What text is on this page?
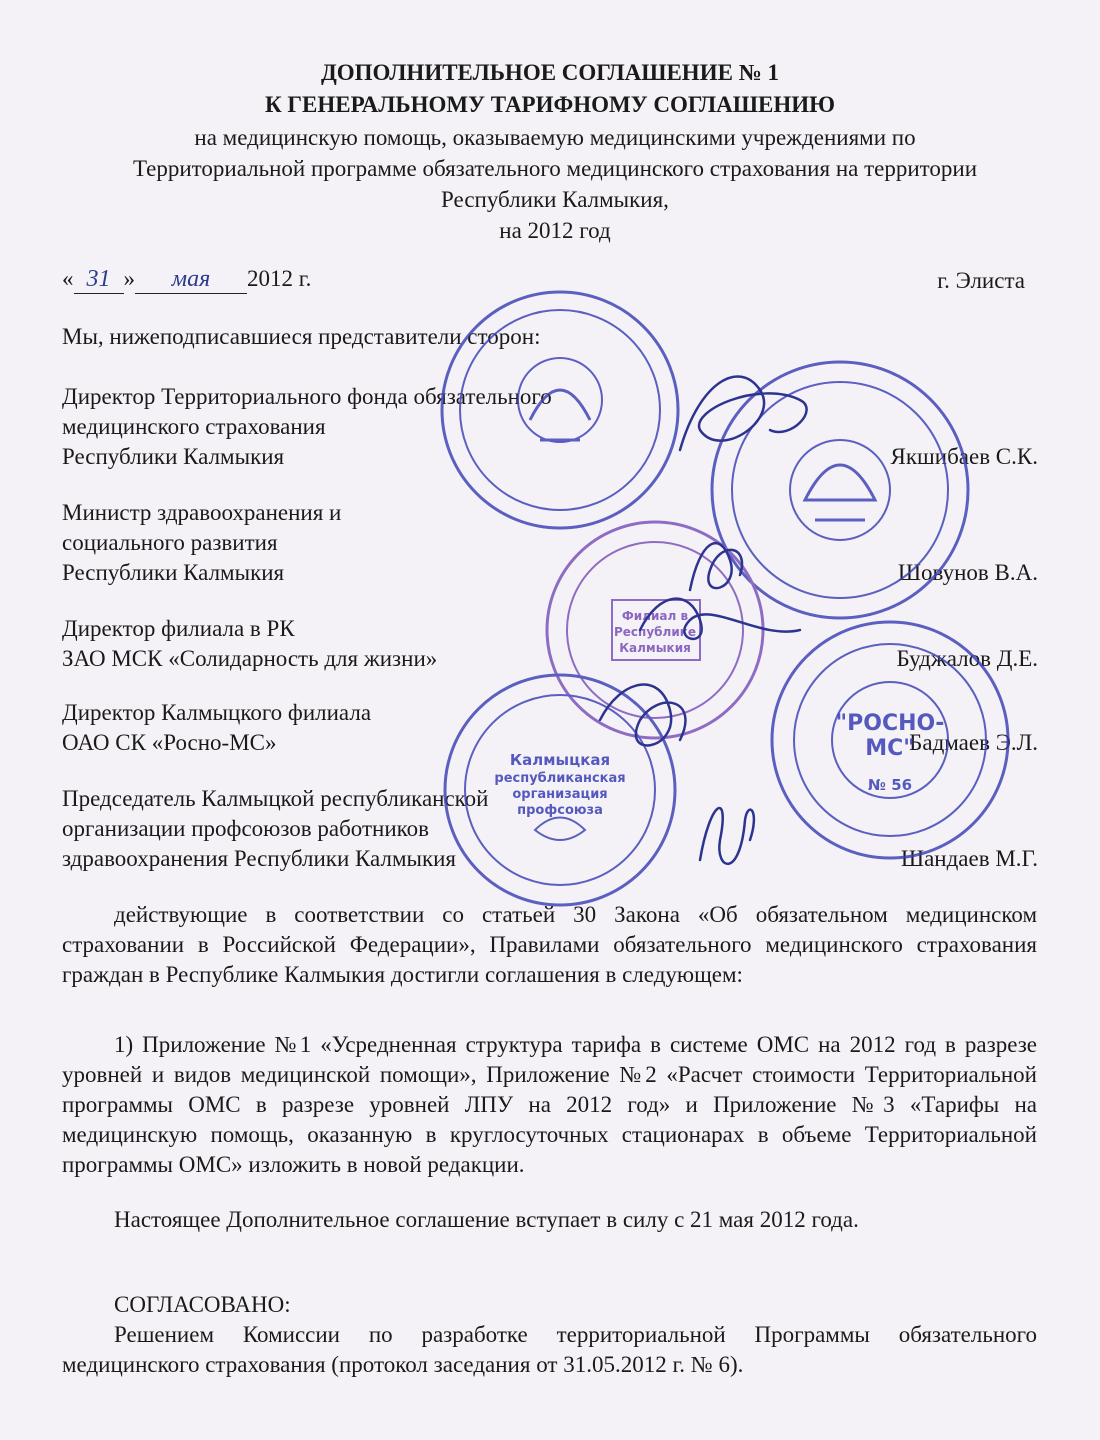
ДОПОЛНИТЕЛЬНОЕ СОГЛАШЕНИЕ № 1
К ГЕНЕРАЛЬНОМУ ТАРИФНОМУ СОГЛАШЕНИЮ
на медицинскую помощь, оказываемую медицинскими учреждениями по
Территориальной программе обязательного медицинского страхования на территории
Республики Калмыкия,
на 2012 год
« 31 » мая 2012 г.	г. Элиста
Мы, нижеподписавшиеся представители сторон:
Директор Территориального фонда обязательного
медицинского страхования
Республики Калмыкия	Якшибаев С.К.
Министр здравоохранения и
социального развития
Республики Калмыкия	Шовунов В.А.
Директор филиала в РК
ЗАО МСК «Солидарность для жизни»	Буджалов Д.Е.
Директор Калмыцкого филиала
ОАО СК «Росно-МС»	Бадмаев Э.Л.
Председатель Калмыцкой республиканской
организации профсоюзов работников
здравоохранения Республики Калмыкия	Шандаев М.Г.
действующие в соответствии со статьей 30 Закона «Об обязательном медицинском страховании в Российской Федерации», Правилами обязательного медицинского страхования граждан в Республике Калмыкия достигли соглашения в следующем:
1) Приложение №1 «Усредненная структура тарифа в системе ОМС на 2012 год в разрезе уровней и видов медицинской помощи», Приложение №2 «Расчет стоимости Территориальной программы ОМС в разрезе уровней ЛПУ на 2012 год» и Приложение №3 «Тарифы на медицинскую помощь, оказанную в круглосуточных стационарах в объеме Территориальной программы ОМС» изложить в новой редакции.
Настоящее Дополнительное соглашение вступает в силу с 21 мая 2012 года.
СОГЛАСОВАНО:
Решением Комиссии по разработке территориальной Программы обязательного медицинского страхования (протокол заседания от 31.05.2012 г. № 6).
Калмыцкая
республиканская
организация
профсоюза
"РОСНО-
МС"
№ 56
Филиал в
Республике
Калмыкия
